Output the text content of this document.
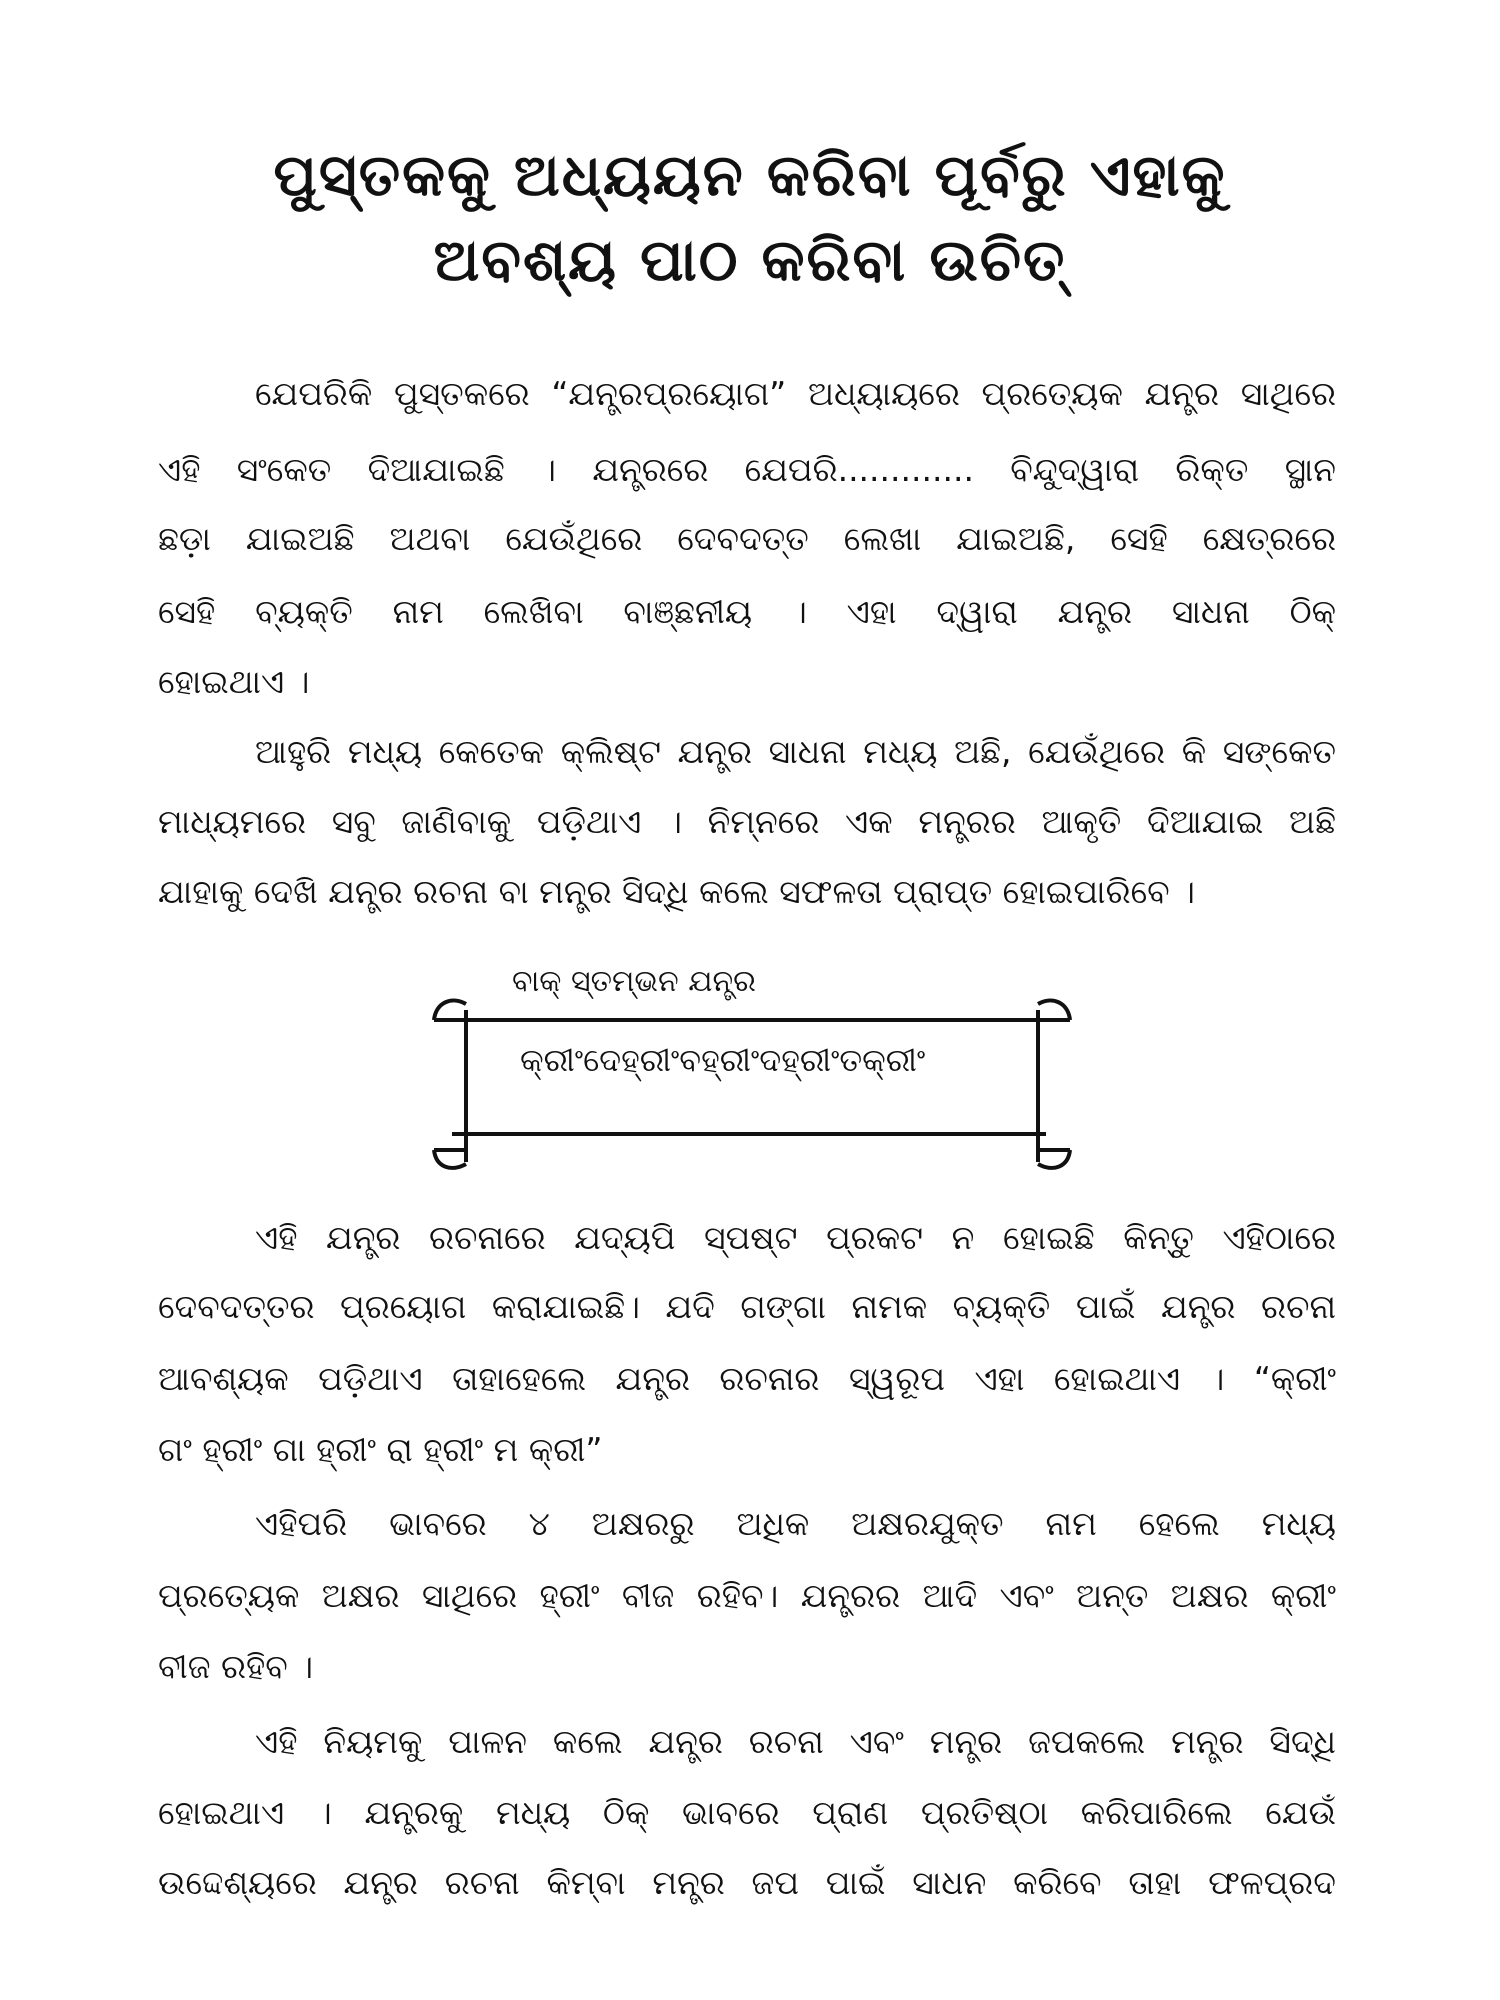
ପୁସ୍ତକକୁ ଅଧ୍ୟୟନ କରିବା ପୂର୍ବରୁ ଏହାକୁ
ଅବଶ୍ୟ ପାଠ କରିବା ଉଚିତ୍
ଯେପରିକି ପୁସ୍ତକରେ “ଯନ୍ତ୍ରପ୍ରୟୋଗ” ଅଧ୍ୟାୟରେ ପ୍ରତ୍ୟେକ ଯନ୍ତ୍ର ସାଥିରେ
ଏହି ସଂକେତ ଦିଆଯାଇଛି । ଯନ୍ତ୍ରରେ ଯେପରି............. ବିନ୍ଦୁଦ୍ୱାରା ରିକ୍ତ ସ୍ଥାନ
ଛଡ଼ା ଯାଇଅଛି ଅଥବା ଯେଉଁଥିରେ ଦେବଦତ୍ତ ଲେଖା ଯାଇଅଛି, ସେହି କ୍ଷେତ୍ରରେ
ସେହି ବ୍ୟକ୍ତି ନାମ ଲେଖିବା ବାଞ୍ଛନୀୟ । ଏହା ଦ୍ୱାରା ଯନ୍ତ୍ର ସାଧନା ଠିକ୍
ହୋଇଥାଏ ।
ଆହୁରି ମଧ୍ୟ କେତେକ କ୍ଲିଷ୍ଟ ଯନ୍ତ୍ର ସାଧନା ମଧ୍ୟ ଅଛି, ଯେଉଁଥିରେ କି ସଙ୍କେତ
ମାଧ୍ୟମରେ ସବୁ ଜାଣିବାକୁ ପଡ଼ିଥାଏ । ନିମ୍ନରେ ଏକ ମନ୍ତ୍ରର ଆକୃତି ଦିଆଯାଇ ଅଛି
ଯାହାକୁ ଦେଖି ଯନ୍ତ୍ର ରଚନା ବା ମନ୍ତ୍ର ସିଦ୍ଧି କଲେ ସଫଳତା ପ୍ରାପ୍ତ ହୋଇପାରିବେ ।
ବାକ୍ ସ୍ତମ୍ଭନ ଯନ୍ତ୍ର
କ୍ରୀଂଦେହ୍ରୀଂବହ୍ରୀଂଦହ୍ରୀଂତକ୍ରୀଂ
ଏହି ଯନ୍ତ୍ର ରଚନାରେ ଯଦ୍ୟପି ସ୍ପଷ୍ଟ ପ୍ରକଟ ନ ହୋଇଛି କିନ୍ତୁ ଏହିଠାରେ
ଦେବଦତ୍ତର ପ୍ରୟୋଗ କରାଯାଇଛି। ଯଦି ଗଙ୍ଗା ନାମକ ବ୍ୟକ୍ତି ପାଇଁ ଯନ୍ତ୍ର ରଚନା
ଆବଶ୍ୟକ ପଡ଼ିଥାଏ ତାହାହେଲେ ଯନ୍ତ୍ର ରଚନାର ସ୍ୱରୂପ ଏହା ହୋଇଥାଏ । “କ୍ରୀଂ
ଗଂ ହ୍ରୀଂ ଗା ହ୍ରୀଂ ରା ହ୍ରୀଂ ମ କ୍ରୀ”
ଏହିପରି ଭାବରେ ୪ ଅକ୍ଷରରୁ ଅଧିକ ଅକ୍ଷରଯୁକ୍ତ ନାମ ହେଲେ ମଧ୍ୟ
ପ୍ରତ୍ୟେକ ଅକ୍ଷର ସାଥିରେ ହ୍ରୀଂ ବୀଜ ରହିବ। ଯନ୍ତ୍ରର ଆଦି ଏବଂ ଅନ୍ତ ଅକ୍ଷର କ୍ରୀଂ
ବୀଜ ରହିବ ।
ଏହି ନିୟମକୁ ପାଳନ କଲେ ଯନ୍ତ୍ର ରଚନା ଏବଂ ମନ୍ତ୍ର ଜପକଲେ ମନ୍ତ୍ର ସିଦ୍ଧି
ହୋଇଥାଏ । ଯନ୍ତ୍ରକୁ ମଧ୍ୟ ଠିକ୍ ଭାବରେ ପ୍ରାଣ ପ୍ରତିଷ୍ଠା କରିପାରିଲେ ଯେଉଁ
ଉଦ୍ଦେଶ୍ୟରେ ଯନ୍ତ୍ର ରଚନା କିମ୍ବା ମନ୍ତ୍ର ଜପ ପାଇଁ ସାଧନ କରିବେ ତାହା ଫଳପ୍ରଦ
